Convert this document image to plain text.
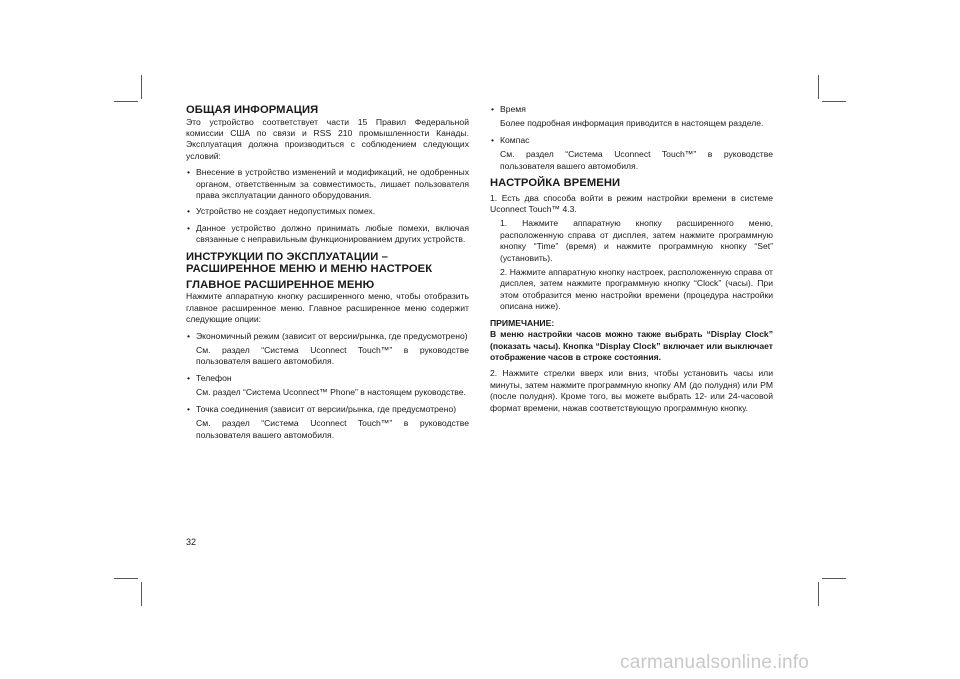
ОБЩАЯ ИНФОРМАЦИЯ

Это устройство соответствует части 15 Правил Федеральной комиссии США по связи и RSS 210 промышленности Канады. Эксплуатация должна производиться с соблюдением следующих условий:

• Внесение в устройство изменений и модификаций, не одобренных органом, ответственным за совместимость, лишает пользователя права эксплуатации данного оборудования.

• Устройство не создает недопустимых помех.

• Данное устройство должно принимать любые помехи, включая связанные с неправильным функционированием других устройств.

ИНСТРУКЦИИ ПО ЭКСПЛУАТАЦИИ – РАСШИРЕННОЕ МЕНЮ И МЕНЮ НАСТРОЕК

ГЛАВНОЕ РАСШИРЕННОЕ МЕНЮ

Нажмите аппаратную кнопку расширенного меню, чтобы отобразить главное расширенное меню. Главное расширенное меню содержит следующие опции:

• Экономичный режим (зависит от версии/рынка, где предусмотрено)

См. раздел “Система Uconnect Touch™” в руководстве пользователя вашего автомобиля.

• Телефон

См. раздел “Система Uconnect™ Phone” в настоящем руководстве.

• Точка соединения (зависит от версии/рынка, где предусмотрено)

См. раздел “Система Uconnect Touch™” в руководстве пользователя вашего автомобиля.

• Время

Более подробная информация приводится в настоящем разделе.

• Компас

См. раздел “Система Uconnect Touch™” в руководстве пользователя вашего автомобиля.

НАСТРОЙКА ВРЕМЕНИ

1. Есть два способа войти в режим настройки времени в системе Uconnect Touch™ 4.3.

1. Нажмите аппаратную кнопку расширенного меню, расположенную справа от дисплея, затем нажмите программную кнопку “Time” (время) и нажмите программную кнопку “Set” (установить).

2. Нажмите аппаратную кнопку настроек, расположенную справа от дисплея, затем нажмите программную кнопку “Clock” (часы). При этом отобразится меню настройки времени (процедура настройки описана ниже).

ПРИМЕЧАНИЕ:

В меню настройки часов можно также выбрать “Display Clock” (показать часы). Кнопка “Display Clock” включает или выключает отображение часов в строке состояния.

2. Нажмите стрелки вверх или вниз, чтобы установить часы или минуты, затем нажмите программную кнопку AM (до полудня) или PM (после полудня). Кроме того, вы можете выбрать 12- или 24-часовой формат времени, нажав соответствующую программную кнопку.

32
carmanualsonline.info
